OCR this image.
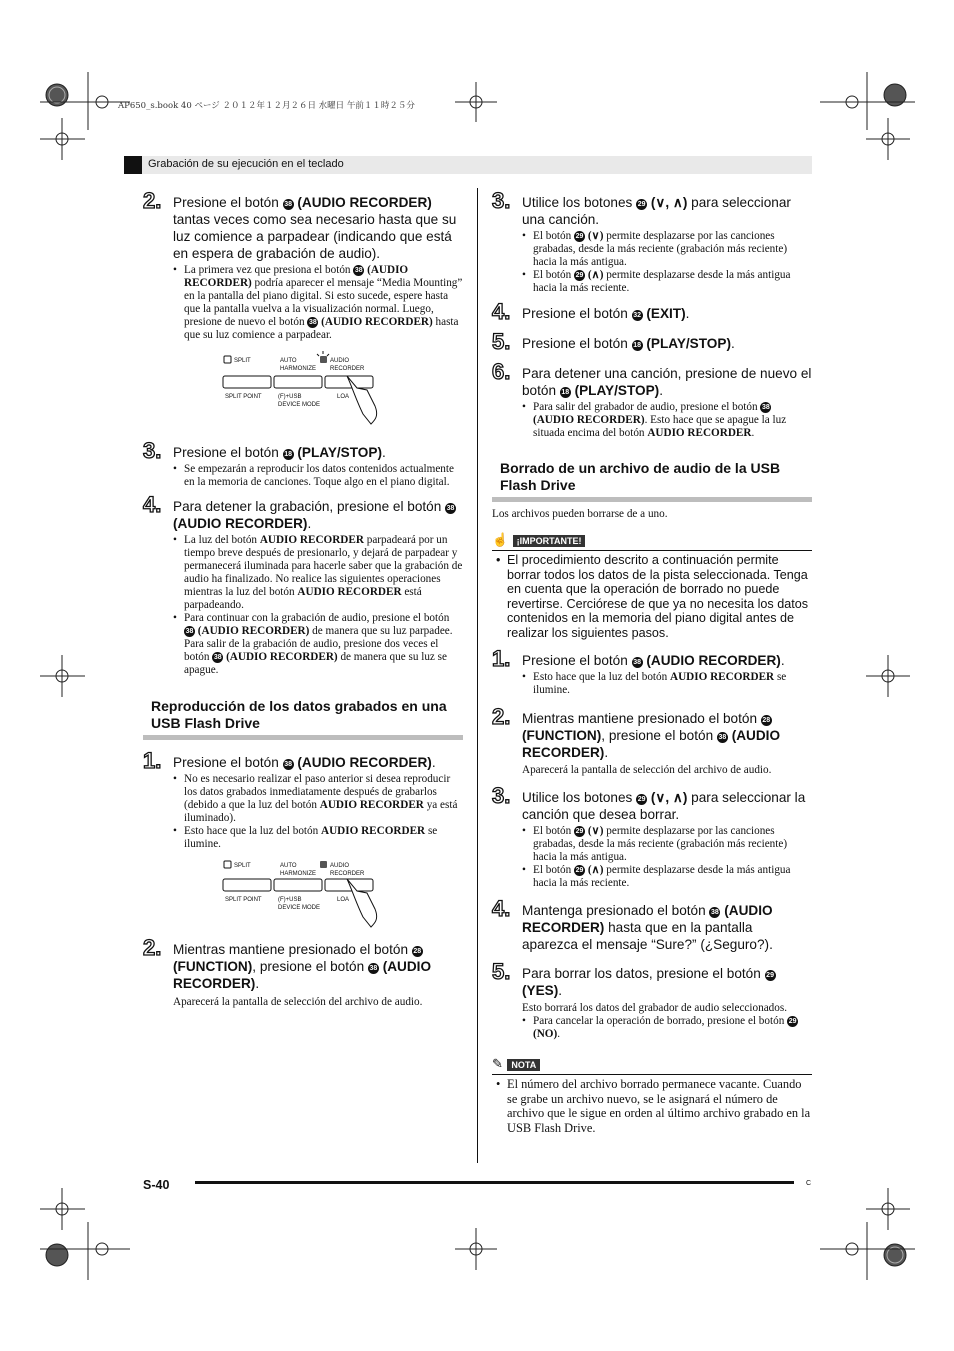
AP650_s.book 40 ページ ２０１２年１２月２６日 水曜日 午前１１時２５分
Grabación de su ejecución en el teclado
2. Presione el botón 38 (AUDIO RECORDER) tantas veces como sea necesario hasta que su luz comience a parpadear (indicando que está en espera de grabación de audio).
• La primera vez que presiona el botón 38 (AUDIO RECORDER) podría aparecer el mensaje “Media Mounting” en la pantalla del piano digital. Si esto sucede, espere hasta que la pantalla vuelva a la visualización normal. Luego, presione de nuevo el botón 38 (AUDIO RECORDER) hasta que su luz comience a parpadear.
SPLIT	AUTO
HARMONIZE
AUDIO
RECORDER
SPLIT POINT	(F)+USB
DEVICE MODE
LOA
3. Presione el botón 18 (PLAY/STOP).
• Se empezarán a reproducir los datos contenidos actualmente en la memoria de canciones. Toque algo en el piano digital.
4. Para detener la grabación, presione el botón 38 (AUDIO RECORDER).
• La luz del botón AUDIO RECORDER parpadeará por un tiempo breve después de presionarlo, y dejará de parpadear y permanecerá iluminada para hacerle saber que la grabación de audio ha finalizado. No realice las siguientes operaciones mientras la luz del botón AUDIO RECORDER está parpadeando.
• Para continuar con la grabación de audio, presione el botón 38 (AUDIO RECORDER) de manera que su luz parpadee. Para salir de la grabación de audio, presione dos veces el botón 38 (AUDIO RECORDER) de manera que su luz se apague.
Reproducción de los datos grabados en una USB Flash Drive
1. Presione el botón 38 (AUDIO RECORDER).
• No es necesario realizar el paso anterior si desea reproducir los datos grabados inmediatamente después de grabarlos (debido a que la luz del botón AUDIO RECORDER ya está iluminado).
• Esto hace que la luz del botón AUDIO RECORDER se ilumine.
SPLIT	AUTO
HARMONIZE
AUDIO
RECORDER
SPLIT POINT	(F)+USB
DEVICE MODE
LOA
2. Mientras mantiene presionado el botón 28 (FUNCTION), presione el botón 38 (AUDIO RECORDER).
Aparecerá la pantalla de selección del archivo de audio.
3. Utilice los botones 29 (∨, ∧) para seleccionar una canción.
• El botón 29 (∨) permite desplazarse por las canciones grabadas, desde la más reciente (grabación más reciente) hacia la más antigua.
• El botón 29 (∧) permite desplazarse desde la más antigua hacia la más reciente.
4. Presione el botón 32 (EXIT).
5. Presione el botón 18 (PLAY/STOP).
6. Para detener una canción, presione de nuevo el botón 18 (PLAY/STOP).
• Para salir del grabador de audio, presione el botón 38 (AUDIO RECORDER). Esto hace que se apague la luz situada encima del botón AUDIO RECORDER.
Borrado de un archivo de audio de la USB Flash Drive
Los archivos pueden borrarse de a uno.
☝ ¡IMPORTANTE!
• El procedimiento descrito a continuación permite borrar todos los datos de la pista seleccionada. Tenga en cuenta que la operación de borrado no puede revertirse. Cerciórese de que ya no necesita los datos contenidos en la memoria del piano digital antes de realizar los siguientes pasos.
1. Presione el botón 38 (AUDIO RECORDER).
• Esto hace que la luz del botón AUDIO RECORDER se ilumine.
2. Mientras mantiene presionado el botón 28 (FUNCTION), presione el botón 38 (AUDIO RECORDER).
Aparecerá la pantalla de selección del archivo de audio.
3. Utilice los botones 29 (∨, ∧) para seleccionar la canción que desea borrar.
• El botón 29 (∨) permite desplazarse por las canciones grabadas, desde la más reciente (grabación más reciente) hacia la más antigua.
• El botón 29 (∧) permite desplazarse desde la más antigua hacia la más reciente.
4. Mantenga presionado el botón 38 (AUDIO RECORDER) hasta que en la pantalla aparezca el mensaje “Sure?” (¿Seguro?).
5. Para borrar los datos, presione el botón 29 (YES).
Esto borrará los datos del grabador de audio seleccionados.
• Para cancelar la operación de borrado, presione el botón 29 (NO).
✎ NOTA
• El número del archivo borrado permanece vacante. Cuando se grabe un archivo nuevo, se le asignará el número de archivo que le sigue en orden al último archivo grabado en la USB Flash Drive.
S-40	C
